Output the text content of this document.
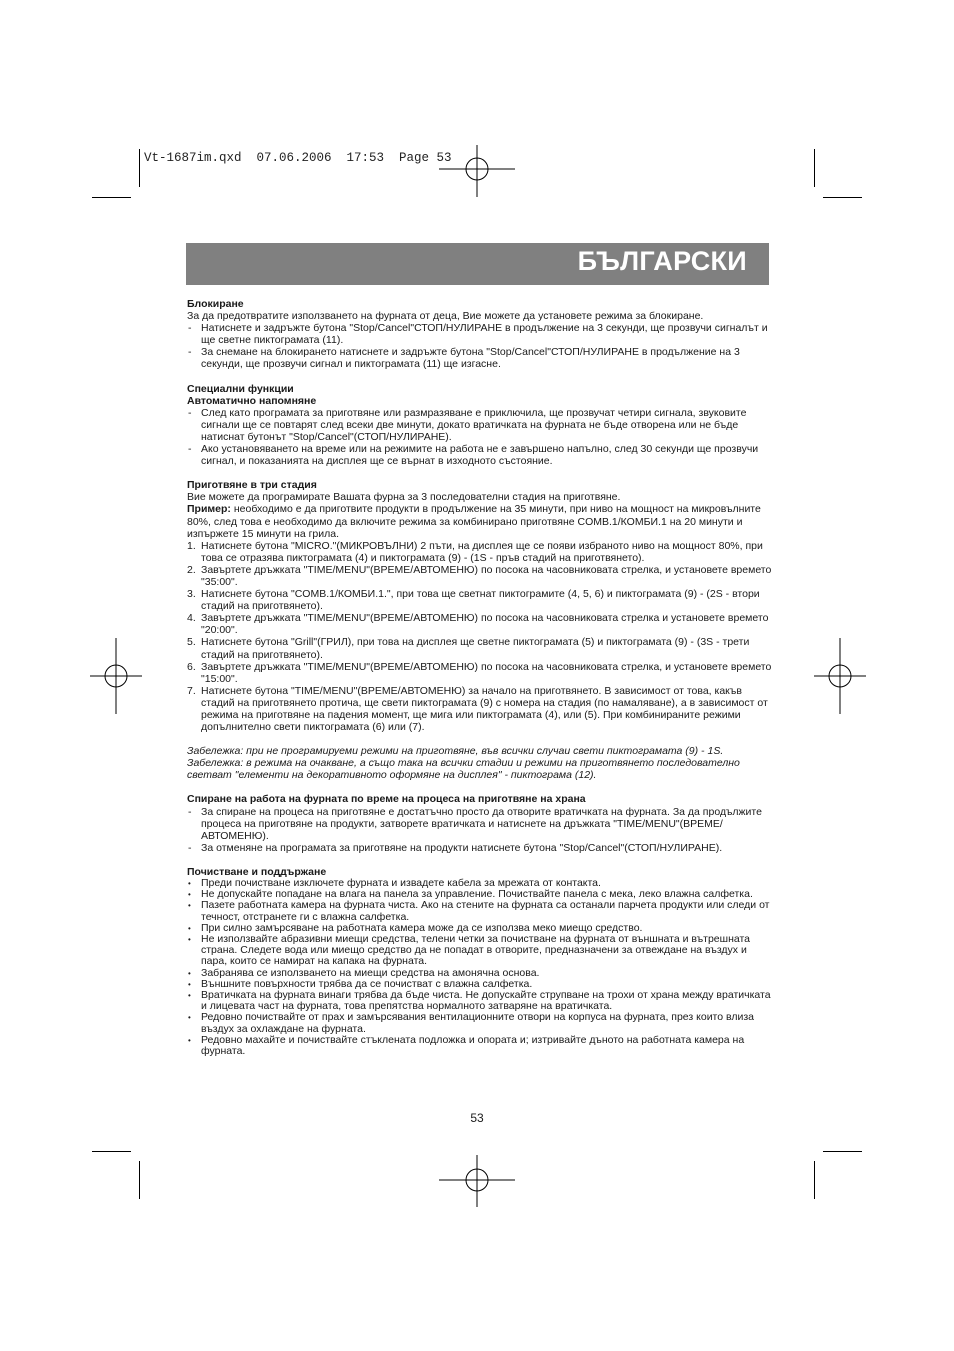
Vt-1687im.qxd  07.06.2006  17:53  Page 53
БЪЛГАРСКИ

Блокиране

За да предотвратите използването на фурната от деца, Вие можете да установете режима за блокиране.

- Натиснете и задръжте бутона "Stop/Cancel"СТОП/НУЛИРАНЕ в продължение на 3 секунди, ще прозвучи сигналът и ще светне пиктограмата (11).
- За снемане на блокирането натиснете и задръжте бутона "Stop/Cancel"СТОП/НУЛИРАНЕ в продължение на 3 секунди, ще прозвучи сигнал и пиктограмата (11) ще изгасне.

Специални функции

Автоматично напомняне

- След като програмата за приготвяне или размразяване е приключила, ще прозвучат четири сигнала, звуковите сигнали ще се повтарят след всеки две минути, докато вратичката на фурната не бъде отворена или не бъде натиснат бутонът "Stop/Cancel"(СТОП/НУЛИРАНЕ).
- Ако установяването на време или на режимите на работа не е завършено напълно, след 30 секунди ще прозвучи сигнал, и показанията на дисплея ще се върнат в изходното състояние.

Приготвяне в три стадия

Вие можете да програмирате Вашата фурна за 3 последователни стадия на приготвяне.

Пример: необходимо е да приготвите продукти в продължение на 35 минути, при ниво на мощност на микровълните 80%, след това е необходимо да включите режима за комбинирано приготвяне COMB.1/КОМБИ.1 на 20 минути и изпържете 15 минути на грила.

1. Натиснете бутона "MICRO."(МИКРОВЪЛНИ) 2 пъти, на дисплея ще се появи избраното ниво на мощност 80%, при това се отразява пиктограмата (4) и пиктограмата (9) - (1S - пръв стадий на приготвянето).
2. Завъртете дръжката "TIME/MENU"(ВРЕМЕ/АВТОМЕНЮ) по посока на часовниковата стрелка, и установете времето "35:00".
3. Натиснете бутона "COMB.1/КОМБИ.1.", при това ще светнат пиктограмите (4, 5, 6) и пиктограмата (9) - (2S - втори стадий на приготвянето).
4. Завъртете дръжката "TIME/MENU"(ВРЕМЕ/АВТОМЕНЮ) по посока на часовниковата стрелка и установете времето "20:00".
5. Натиснете бутона "Grill"(ГРИЛ), при това на дисплея ще светне пиктограмата (5) и пиктограмата (9) - (3S - трети стадий на приготвянето).
6. Завъртете дръжката "TIME/MENU"(ВРЕМЕ/АВТОМЕНЮ) по посока на часовниковата стрелка, и установете времето "15:00".
7. Натиснете бутона "TIME/MENU"(ВРЕМЕ/АВТОМЕНЮ) за начало на приготвянето. В зависимост от това, какъв стадий на приготвянето протича, ще свети пиктограмата (9) с номера на стадия (по намаляване), а в зависимост от режима на приготвяне на падения момент, ще мига или пиктограмата (4), или (5). При комбинираните режими допълнително свети пиктограмата (6) или (7).

Забележка: при не програмируеми режими на приготвяне, във всички случаи свети пиктограмата (9) - 1S.

Забележка: в режима на очакване, а също така на всички стадии и режими на приготвянето последователно светват "елементи на декоративното оформяне на дисплея" - пиктограма (12).

Спиране на работа на фурната по време на процеса на приготвяне на храна

- За спиране на процеса на приготвяне е достатъчно просто да отворите вратичката на фурната. За да продължите процеса на приготвяне на продукти, затворете вратичката и натиснете на дръжката "TIME/MENU"(ВРЕМЕ/АВТОМЕНЮ).
- За отменяне на програмата за приготвяне на продукти натиснете бутона "Stop/Cancel"(СТОП/НУЛИРАНЕ).

Почистване и поддържане

• Преди почистване изключете фурната и извадете кабела за мрежата от контакта.
• Не допускайте попадане на влага на панела за управление. Почиствайте панела с мека, леко влажна салфетка.
• Пазете работната камера на фурната чиста. Ако на стените на фурната са останали парчета продукти или следи от течност, отстранете ги с влажна салфетка.
• При силно замърсяване на работната камера може да се използва меко миещо средство.
• Не използвайте абразивни миещи средства, телени четки за почистване на фурната от външната и вътрешната страна. Следете вода или миещо средство да не попадат в отворите, предназначени за отвеждане на въздух и пара, които се намират на капака на фурната.
• Забранява се използването на миещи средства на амонячна основа.
• Външните повърхности трябва да се почистват с влажна салфетка.
• Вратичката на фурната винаги трябва да бъде чиста. Не допускайте струпване на трохи от храна между вратичката и лицевата част на фурната, това препятства нормалното затваряне на вратичката.
• Редовно почиствайте от прах и замърсявания вентилационните отвори на корпуса на фурната, през които влиза въздух за охлаждане на фурната.
• Редовно махайте и почиствайте стъклената подложка и опората и; изтривайте дъното на работната камера на фурната.
53
